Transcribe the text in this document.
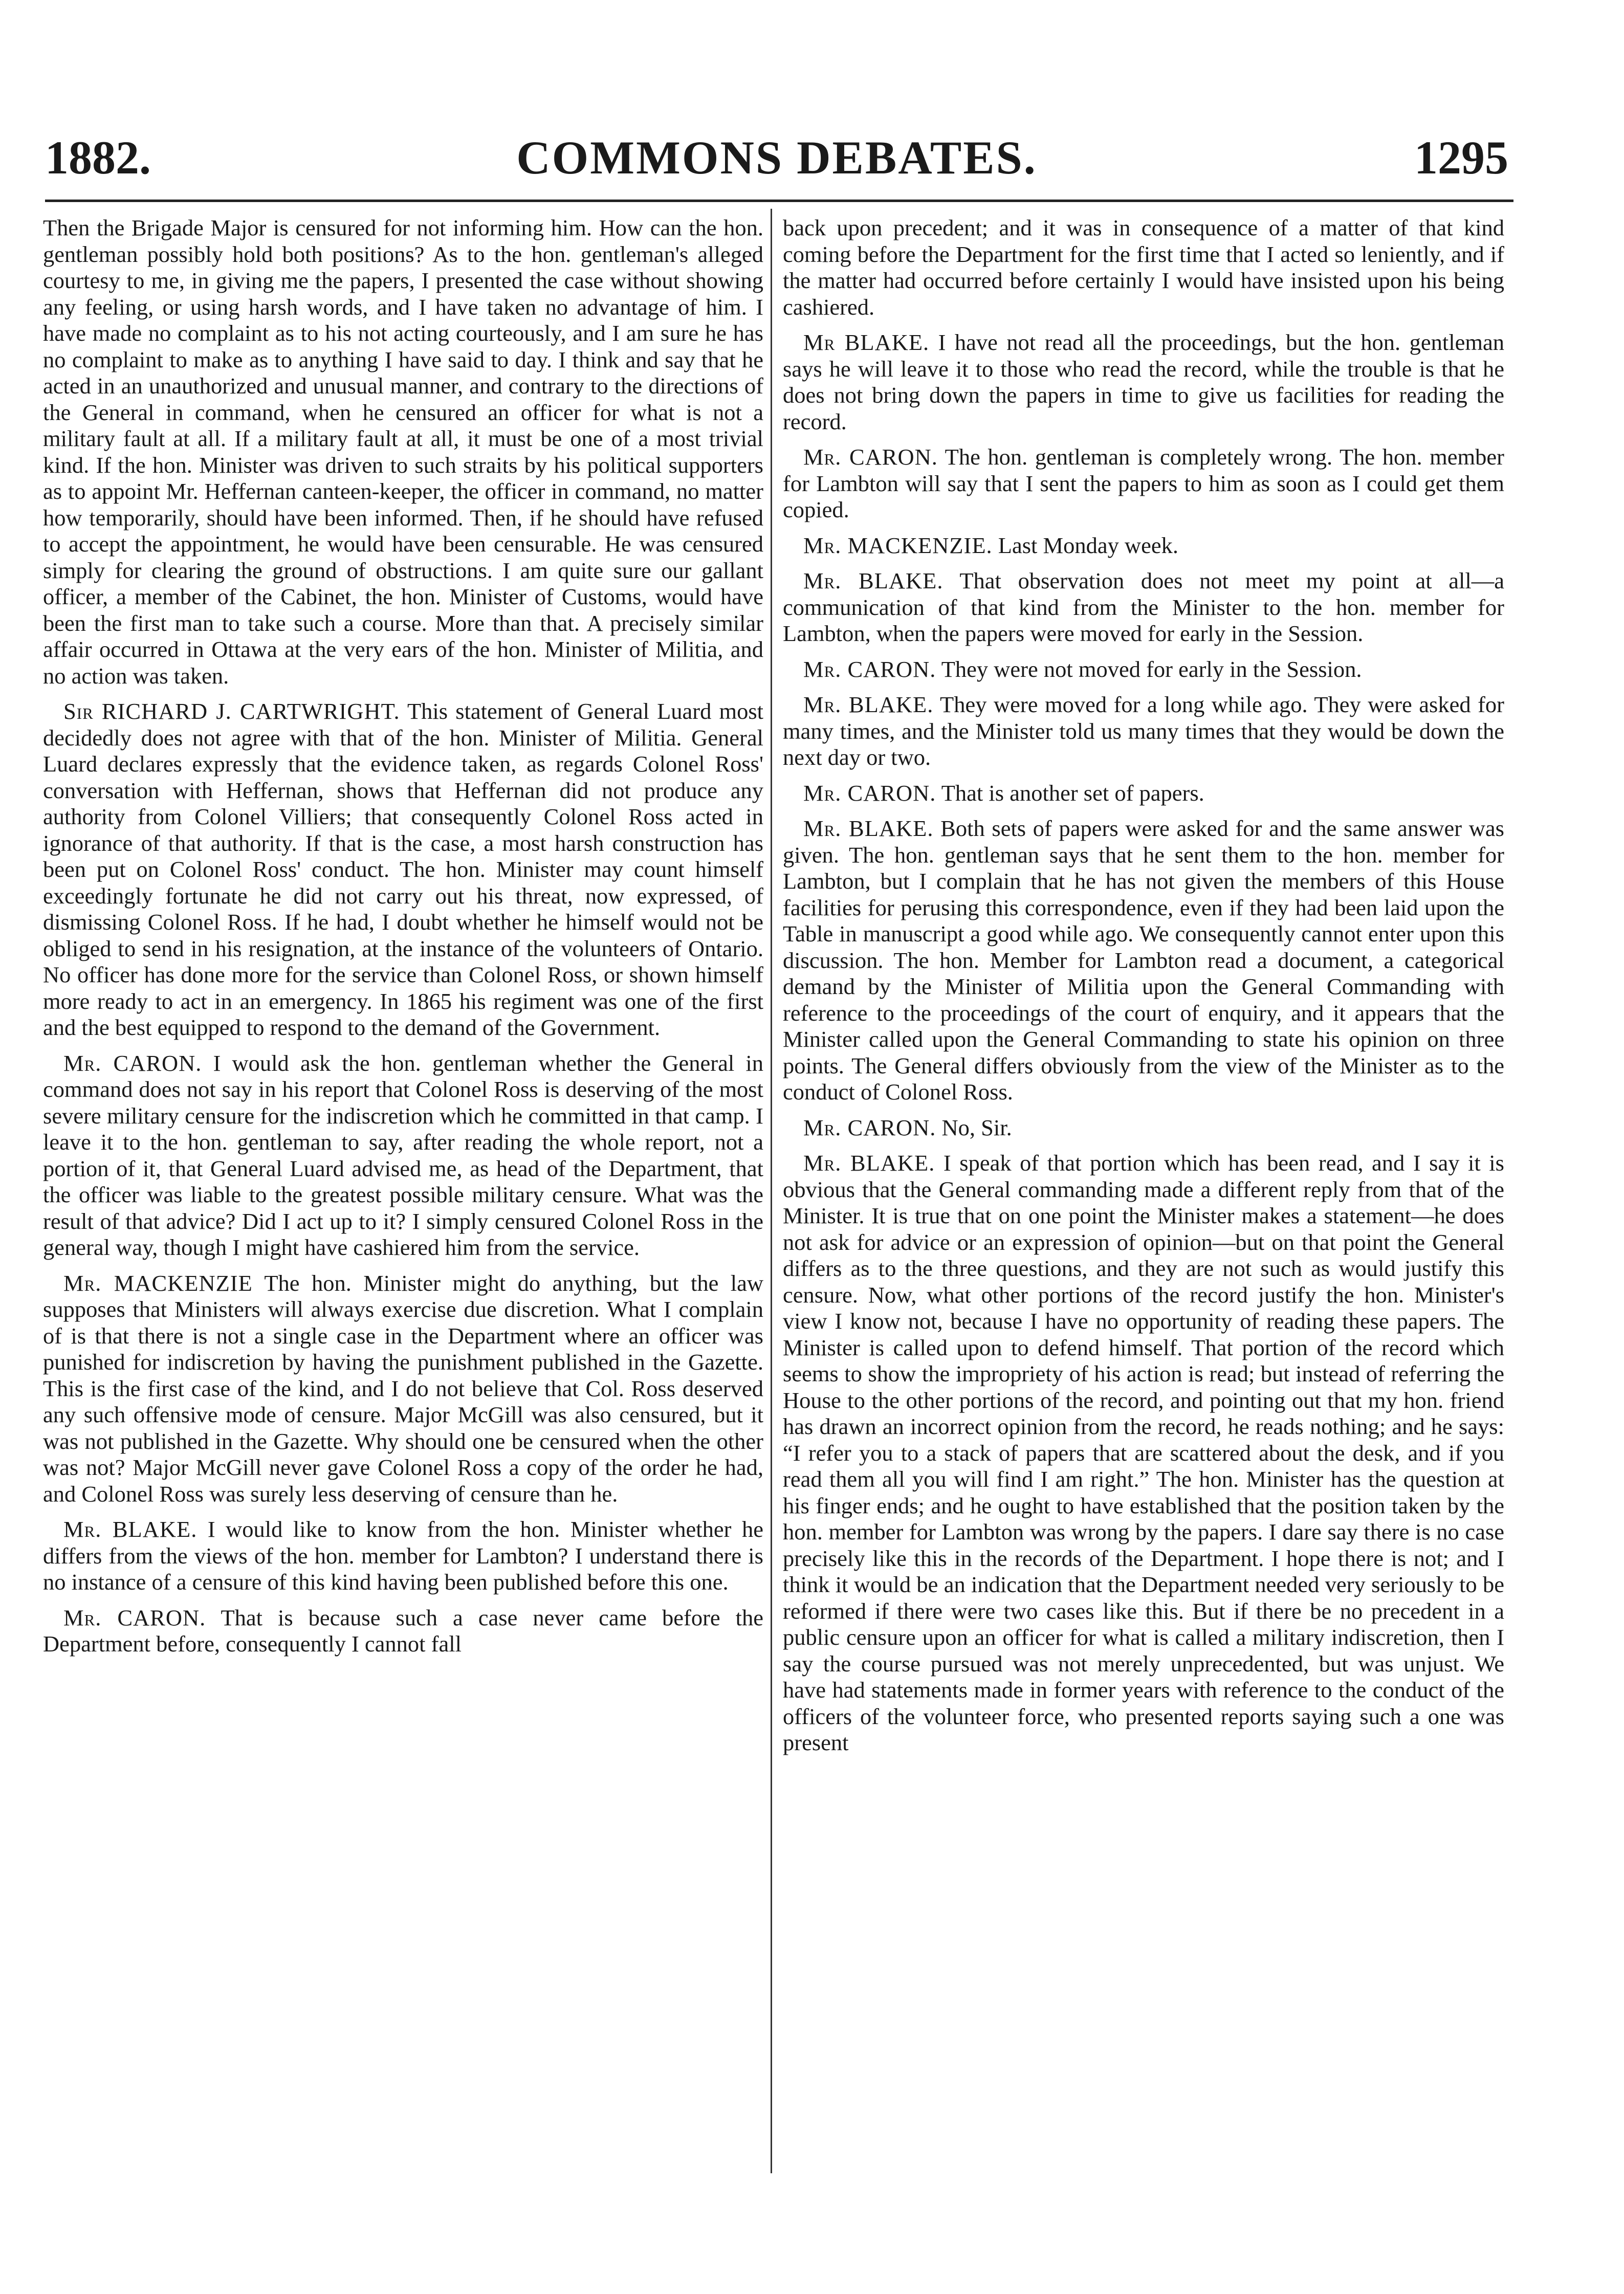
1882.	COMMONS DEBATES.	1295

Then the Brigade Major is censured for not informing him. How can the hon. gentleman possibly hold both positions? As to the hon. gentleman's alleged courtesy to me, in giving me the papers, I presented the case without showing any feeling, or using harsh words, and I have taken no advantage of him. I have made no complaint as to his not acting courteously, and I am sure he has no complaint to make as to anything I have said to day. I think and say that he acted in an unauthorized and unusual manner, and contrary to the directions of the General in command, when he censured an officer for what is not a military fault at all. If a military fault at all, it must be one of a most trivial kind. If the hon. Minister was driven to such straits by his political supporters as to appoint Mr. Heffernan canteen-keeper, the officer in command, no matter how temporarily, should have been informed. Then, if he should have refused to accept the appointment, he would have been censurable. He was censured simply for clearing the ground of obstructions. I am quite sure our gallant officer, a member of the Cabinet, the hon. Minister of Customs, would have been the first man to take such a course. More than that. A precisely similar affair occurred in Ottawa at the very ears of the hon. Minister of Militia, and no action was taken.

Sir RICHARD J. CARTWRIGHT. This statement of General Luard most decidedly does not agree with that of the hon. Minister of Militia. General Luard declares expressly that the evidence taken, as regards Colonel Ross' conversation with Heffernan, shows that Heffernan did not produce any authority from Colonel Villiers; that consequently Colonel Ross acted in ignorance of that authority. If that is the case, a most harsh construction has been put on Colonel Ross' conduct. The hon. Minister may count himself exceedingly fortunate he did not carry out his threat, now expressed, of dismissing Colonel Ross. If he had, I doubt whether he himself would not be obliged to send in his resignation, at the instance of the volunteers of Ontario. No officer has done more for the service than Colonel Ross, or shown himself more ready to act in an emergency. In 1865 his regiment was one of the first and the best equipped to respond to the demand of the Government.

Mr. CARON. I would ask the hon. gentleman whether the General in command does not say in his report that Colonel Ross is deserving of the most severe military censure for the indiscretion which he committed in that camp. I leave it to the hon. gentleman to say, after reading the whole report, not a portion of it, that General Luard advised me, as head of the Department, that the officer was liable to the greatest possible military censure. What was the result of that advice? Did I act up to it? I simply censured Colonel Ross in the general way, though I might have cashiered him from the service.

Mr. MACKENZIE The hon. Minister might do anything, but the law supposes that Ministers will always exercise due discretion. What I complain of is that there is not a single case in the Department where an officer was punished for indiscretion by having the punishment published in the Gazette. This is the first case of the kind, and I do not believe that Col. Ross deserved any such offensive mode of censure. Major McGill was also censured, but it was not published in the Gazette. Why should one be censured when the other was not? Major McGill never gave Colonel Ross a copy of the order he had, and Colonel Ross was surely less deserving of censure than he.

Mr. BLAKE. I would like to know from the hon. Minister whether he differs from the views of the hon. member for Lambton? I understand there is no instance of a censure of this kind having been published before this one.

Mr. CARON. That is because such a case never came before the Department before, consequently I cannot fall

back upon precedent; and it was in consequence of a matter of that kind coming before the Department for the first time that I acted so leniently, and if the matter had occurred before certainly I would have insisted upon his being cashiered.

Mr BLAKE. I have not read all the proceedings, but the hon. gentleman says he will leave it to those who read the record, while the trouble is that he does not bring down the papers in time to give us facilities for reading the record.

Mr. CARON. The hon. gentleman is completely wrong. The hon. member for Lambton will say that I sent the papers to him as soon as I could get them copied.

Mr. MACKENZIE. Last Monday week.

Mr. BLAKE. That observation does not meet my point at all—a communication of that kind from the Minister to the hon. member for Lambton, when the papers were moved for early in the Session.

Mr. CARON. They were not moved for early in the Session.

Mr. BLAKE. They were moved for a long while ago. They were asked for many times, and the Minister told us many times that they would be down the next day or two.

Mr. CARON. That is another set of papers.

Mr. BLAKE. Both sets of papers were asked for and the same answer was given. The hon. gentleman says that he sent them to the hon. member for Lambton, but I complain that he has not given the members of this House facilities for perusing this correspondence, even if they had been laid upon the Table in manuscript a good while ago. We consequently cannot enter upon this discussion. The hon. Member for Lambton read a document, a categorical demand by the Minister of Militia upon the General Commanding with reference to the proceedings of the court of enquiry, and it appears that the Minister called upon the General Commanding to state his opinion on three points. The General differs obviously from the view of the Minister as to the conduct of Colonel Ross.

Mr. CARON. No, Sir.

Mr. BLAKE. I speak of that portion which has been read, and I say it is obvious that the General commanding made a different reply from that of the Minister. It is true that on one point the Minister makes a statement—he does not ask for advice or an expression of opinion—but on that point the General differs as to the three questions, and they are not such as would justify this censure. Now, what other portions of the record justify the hon. Minister's view I know not, because I have no opportunity of reading these papers. The Minister is called upon to defend himself. That portion of the record which seems to show the impropriety of his action is read; but instead of referring the House to the other portions of the record, and pointing out that my hon. friend has drawn an incorrect opinion from the record, he reads nothing; and he says: “I refer you to a stack of papers that are scattered about the desk, and if you read them all you will find I am right.” The hon. Minister has the question at his finger ends; and he ought to have established that the position taken by the hon. member for Lambton was wrong by the papers. I dare say there is no case precisely like this in the records of the Department. I hope there is not; and I think it would be an indication that the Department needed very seriously to be reformed if there were two cases like this. But if there be no precedent in a public censure upon an officer for what is called a military indiscretion, then I say the course pursued was not merely unprecedented, but was unjust. We have had statements made in former years with reference to the conduct of the officers of the volunteer force, who presented reports saying such a one was present
